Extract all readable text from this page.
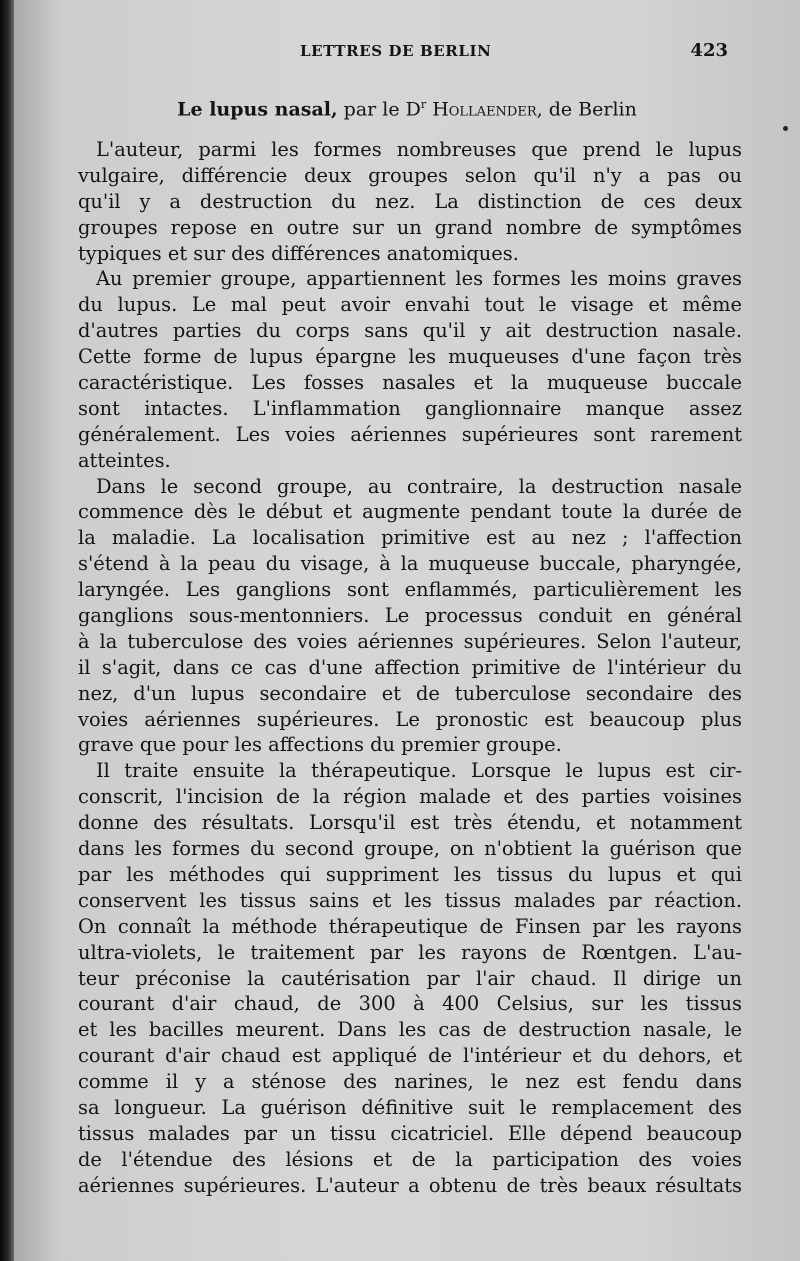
LETTRES DE BERLIN	423
Le lupus nasal, par le $D^r$ Hollaender, de Berlin
L'auteur, parmi les formes nombreuses que prend le lupus
vulgaire, différencie deux groupes selon qu'il n'y a pas ou
qu'il y a destruction du nez. La distinction de ces deux
groupes repose en outre sur un grand nombre de symptômes
typiques et sur des différences anatomiques.
Au premier groupe, appartiennent les formes les moins graves
du lupus. Le mal peut avoir envahi tout le visage et même
d'autres parties du corps sans qu'il y ait destruction nasale.
Cette forme de lupus épargne les muqueuses d'une façon très
caractéristique. Les fosses nasales et la muqueuse buccale
sont intactes. L'inflammation ganglionnaire manque assez
généralement. Les voies aériennes supérieures sont rarement
atteintes.
Dans le second groupe, au contraire, la destruction nasale
commence dès le début et augmente pendant toute la durée de
la maladie. La localisation primitive est au nez ; l'affection
s'étend à la peau du visage, à la muqueuse buccale, pharyngée,
laryngée. Les ganglions sont enflammés, particulièrement les
ganglions sous-mentonniers. Le processus conduit en général
à la tuberculose des voies aériennes supérieures. Selon l'auteur,
il s'agit, dans ce cas d'une affection primitive de l'intérieur du
nez, d'un lupus secondaire et de tuberculose secondaire des
voies aériennes supérieures. Le pronostic est beaucoup plus
grave que pour les affections du premier groupe.
Il traite ensuite la thérapeutique. Lorsque le lupus est cir-
conscrit, l'incision de la région malade et des parties voisines
donne des résultats. Lorsqu'il est très étendu, et notamment
dans les formes du second groupe, on n'obtient la guérison que
par les méthodes qui suppriment les tissus du lupus et qui
conservent les tissus sains et les tissus malades par réaction.
On connaît la méthode thérapeutique de Finsen par les rayons
ultra-violets, le traitement par les rayons de Rœntgen. L'au-
teur préconise la cautérisation par l'air chaud. Il dirige un
courant d'air chaud, de 300 à 400 Celsius, sur les tissus
et les bacilles meurent. Dans les cas de destruction nasale, le
courant d'air chaud est appliqué de l'intérieur et du dehors, et
comme il y a sténose des narines, le nez est fendu dans
sa longueur. La guérison définitive suit le remplacement des
tissus malades par un tissu cicatriciel. Elle dépend beaucoup
de l'étendue des lésions et de la participation des voies
aériennes supérieures. L'auteur a obtenu de très beaux résultats
